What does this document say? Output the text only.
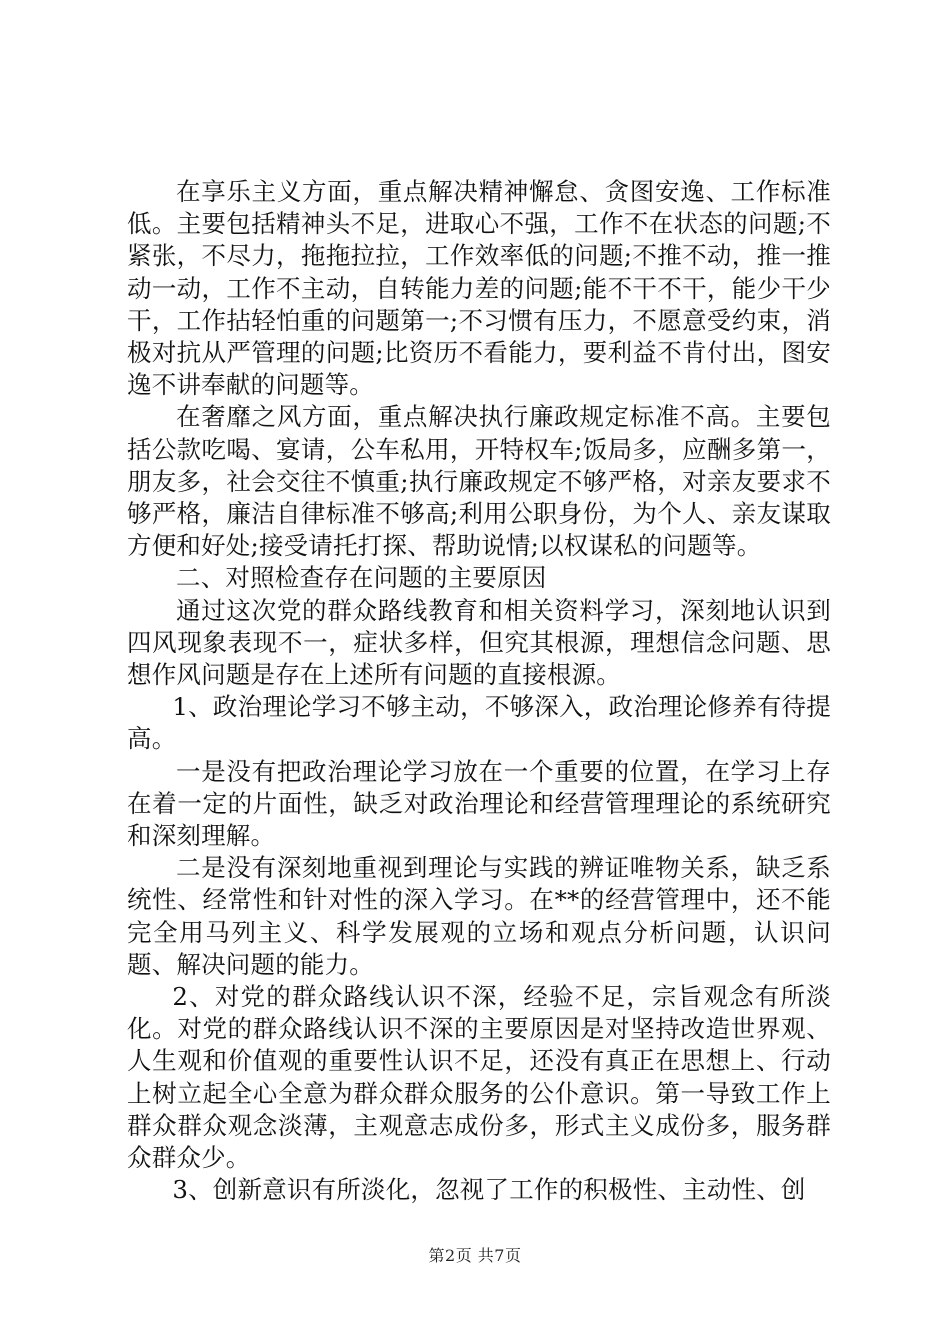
在享乐主义方面，重点解决精神懈怠、贪图安逸、工作标准低。主要包括精神头不足，进取心不强，工作不在状态的问题;不紧张，不尽力，拖拖拉拉，工作效率低的问题;不推不动，推一推动一动，工作不主动，自转能力差的问题;能不干不干，能少干少干，工作拈轻怕重的问题第一;不习惯有压力，不愿意受约束，消极对抗从严管理的问题;比资历不看能力，要利益不肯付出，图安逸不讲奉献的问题等。

在奢靡之风方面，重点解决执行廉政规定标准不高。主要包括公款吃喝、宴请，公车私用，开特权车;饭局多，应酬多第一，朋友多，社会交往不慎重;执行廉政规定不够严格，对亲友要求不够严格，廉洁自律标准不够高;利用公职身份，为个人、亲友谋取方便和好处;接受请托打探、帮助说情;以权谋私的问题等。

二、对照检查存在问题的主要原因

通过这次党的群众路线教育和相关资料学习，深刻地认识到四风现象表现不一，症状多样，但究其根源，理想信念问题、思想作风问题是存在上述所有问题的直接根源。

1、政治理论学习不够主动，不够深入，政治理论修养有待提高。

一是没有把政治理论学习放在一个重要的位置，在学习上存在着一定的片面性，缺乏对政治理论和经营管理理论的系统研究和深刻理解。

二是没有深刻地重视到理论与实践的辨证唯物关系，缺乏系统性、经常性和针对性的深入学习。在**的经营管理中，还不能完全用马列主义、科学发展观的立场和观点分析问题，认识问题、解决问题的能力。

2、对党的群众路线认识不深，经验不足，宗旨观念有所淡化。对党的群众路线认识不深的主要原因是对坚持改造世界观、人生观和价值观的重要性认识不足，还没有真正在思想上、行动上树立起全心全意为群众群众服务的公仆意识。第一导致工作上群众群众观念淡薄，主观意志成份多，形式主义成份多，服务群众群众少。

3、创新意识有所淡化，忽视了工作的积极性、主动性、创

第2页 共7页
